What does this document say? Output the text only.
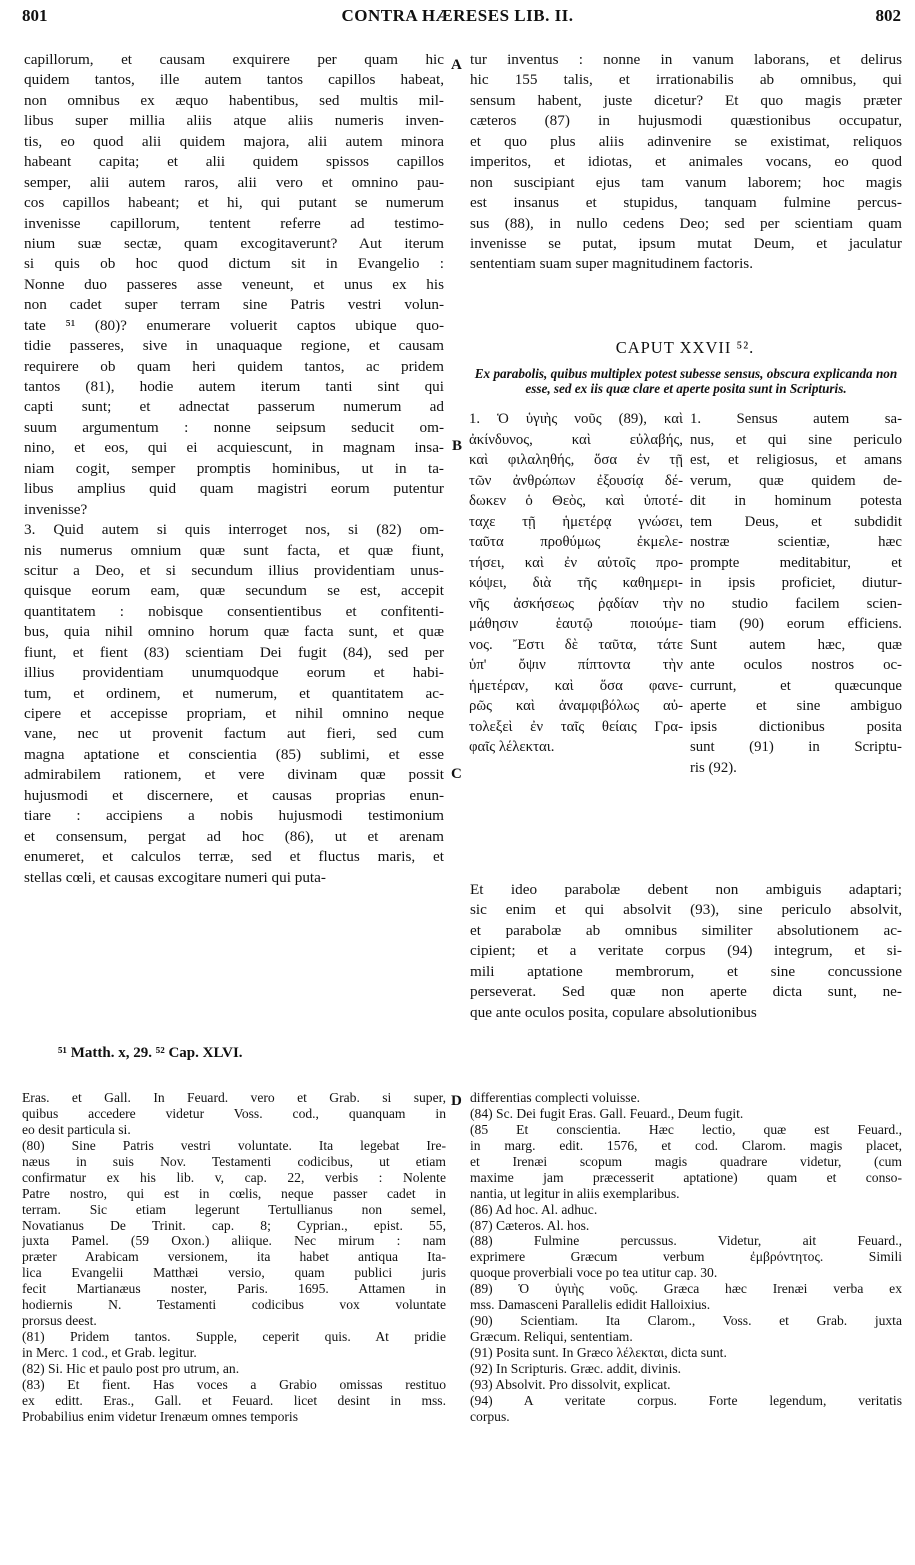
801	CONTRA HÆRESES LIB. II.	802
A
B
C
D
capillorum, et causam exquirere per quam hic
quidem tantos, ille autem tantos capillos habeat,
non omnibus ex æquo habentibus, sed multis mil-
libus super millia aliis atque aliis numeris inven-
tis, eo quod alii quidem majora, alii autem minora
habeant capita; et alii quidem spissos capillos
semper, alii autem raros, alii vero et omnino pau-
cos capillos habeant; et hi, qui putant se numerum
invenisse capillorum, tentent referre ad testimo-
nium suæ sectæ, quam excogitaverunt? Aut iterum
si quis ob hoc quod dictum sit in Evangelio :
Nonne duo passeres asse veneunt, et unus ex his
non cadet super terram sine Patris vestri volun-
tate ⁵¹ (80)? enumerare voluerit captos ubique quo-
tidie passeres, sive in unaquaque regione, et causam
requirere ob quam heri quidem tantos, ac pridem
tantos (81), hodie autem iterum tanti sint qui
capti sunt; et adnectat passerum numerum ad
suum argumentum : nonne seipsum seducit om-
nino, et eos, qui ei acquiescunt, in magnam insa-
niam cogit, semper promptis hominibus, ut in ta-
libus amplius quid quam magistri eorum putentur
invenisse?
3. Quid autem si quis interroget nos, si (82) om-
nis numerus omnium quæ sunt facta, et quæ fiunt,
scitur a Deo, et si secundum illius providentiam unus-
quisque eorum eam, quæ secundum se est, accepit
quantitatem : nobisque consentientibus et confitenti-
bus, quia nihil omnino horum quæ facta sunt, et quæ
fiunt, et fient (83) scientiam Dei fugit (84), sed per
illius providentiam unumquodque eorum et habi-
tum, et ordinem, et numerum, et quantitatem ac-
cipere et accepisse propriam, et nihil omnino neque
vane, nec ut provenit factum aut fieri, sed cum
magna aptatione et conscientia (85) sublimi, et esse
admirabilem rationem, et vere divinam quæ possit
hujusmodi et discernere, et causas proprias enun-
tiare : accipiens a nobis hujusmodi testimonium
et consensum, pergat ad hoc (86), ut et arenam
enumeret, et calculos terræ, sed et fluctus maris, et
stellas cœli, et causas excogitare numeri qui puta-
⁵¹ Matth. x, 29. ⁵² Cap. XLVI.
tur inventus : nonne in vanum laborans, et delirus
hic 155 talis, et irrationabilis ab omnibus, qui
sensum habent, juste dicetur? Et quo magis præter
cæteros (87) in hujusmodi quæstionibus occupatur,
et quo plus aliis adinvenire se existimat, reliquos
imperitos, et idiotas, et animales vocans, eo quod
non suscipiant ejus tam vanum laborem; hoc magis
est insanus et stupidus, tanquam fulmine percus-
sus (88), in nullo cedens Deo; sed per scientiam quam
invenisse se putat, ipsum mutat Deum, et jaculatur
sententiam suam super magnitudinem factoris.
CAPUT XXVII ⁵².
Ex parabolis, quibus multiplex potest subesse sensus, obscura explicanda non esse, sed ex iis quæ clare et aperte posita sunt in Scripturis.
1. Ὁ ὑγιὴς νοῦς (89), καὶ
ἀκίνδυνος, καὶ εὐλαβής,
καὶ φιλαληθής, ὅσα ἐν τῇ
τῶν ἀνθρώπων ἐξουσίᾳ δέ-
δωκεν ὁ Θεὸς, καὶ ὑποτέ-
ταχε τῇ ἡμετέρᾳ γνώσει,
ταῦτα προθύμως ἐκμελε-
τήσει, καὶ ἐν αὐτοῖς προ-
κόψει, διὰ τῆς καθημερι-
νῆς ἀσκήσεως ῥᾳδίαν τὴν
μάθησιν ἑαυτῷ ποιούμε-
νος. Ἔστι δὲ ταῦτα, τάτε
ὑπ' ὄψιν πίπτοντα τὴν
ἡμετέραν, καὶ ὅσα φανε-
ρῶς καὶ ἀναμφιβόλως αὐ-
τολεξεὶ ἐν ταῖς θείαις Γρα-
φαῖς λέλεκται.
1. Sensus autem sa-
nus, et qui sine periculo
est, et religiosus, et amans
verum, quæ quidem de-
dit in hominum potesta
tem Deus, et subdidit
nostræ scientiæ, hæc
prompte meditabitur, et
in ipsis proficiet, diutur-
no studio facilem scien-
tiam (90) eorum efficiens.
Sunt autem hæc, quæ
ante oculos nostros oc-
currunt, et quæcunque
aperte et sine ambiguo
ipsis dictionibus posita
sunt (91) in Scriptu-
ris (92).
Et ideo parabolæ debent non ambiguis adaptari;
sic enim et qui absolvit (93), sine periculo absolvit,
et parabolæ ab omnibus similiter absolutionem ac-
cipient; et a veritate corpus (94) integrum, et si-
mili aptatione membrorum, et sine concussione
perseverat. Sed quæ non aperte dicta sunt, ne-
que ante oculos posita, copulare absolutionibus
Eras. et Gall. In Feuard. vero et Grab. si super,
quibus accedere videtur Voss. cod., quanquam in
eo desit particula si.
(80) Sine Patris vestri voluntate. Ita legebat Ire-
næus in suis Nov. Testamenti codicibus, ut etiam
confirmatur ex his lib. v, cap. 22, verbis : Nolente
Patre nostro, qui est in cœlis, neque passer cadet in
terram. Sic etiam legerunt Tertullianus non semel,
Novatianus De Trinit. cap. 8; Cyprian., epist. 55,
juxta Pamel. (59 Oxon.) aliique. Nec mirum : nam
præter Arabicam versionem, ita habet antiqua Ita-
lica Evangelii Matthæi versio, quam publici juris
fecit Martianæus noster, Paris. 1695. Attamen in
hodiernis N. Testamenti codicibus vox voluntate
prorsus deest.
(81) Pridem tantos. Supple, ceperit quis. At pridie
in Merc. 1 cod., et Grab. legitur.
(82) Si. Hic et paulo post pro utrum, an.
(83) Et fient. Has voces a Grabio omissas restituo
ex editt. Eras., Gall. et Feuard. licet desint in mss.
Probabilius enim videtur Irenæum omnes temporis
differentias complecti voluisse.
(84) Sc. Dei fugit Eras. Gall. Feuard., Deum fugit.
(85 Et conscientia. Hæc lectio, quæ est Feuard.,
in marg. edit. 1576, et cod. Clarom. magis placet,
et Irenæi scopum magis quadrare videtur, (cum
maxime jam præcesserit aptatione) quam et conso-
nantia, ut legitur in aliis exemplaribus.
(86) Ad hoc. Al. adhuc.
(87) Cæteros. Al. hos.
(88) Fulmine percussus. Videtur, ait Feuard.,
exprimere Græcum verbum ἐμβρόντητος. Simili
quoque proverbiali voce po tea utitur cap. 30.
(89) Ὁ ὑγιὴς νοῦς. Græca hæc Irenæi verba ex
mss. Damasceni Parallelis edidit Halloixius.
(90) Scientiam. Ita Clarom., Voss. et Grab. juxta
Græcum. Reliqui, sententiam.
(91) Posita sunt. In Græco λέλεκται, dicta sunt.
(92) In Scripturis. Græc. addit, divinis.
(93) Absolvit. Pro dissolvit, explicat.
(94) A veritate corpus. Forte legendum, veritatis
corpus.
